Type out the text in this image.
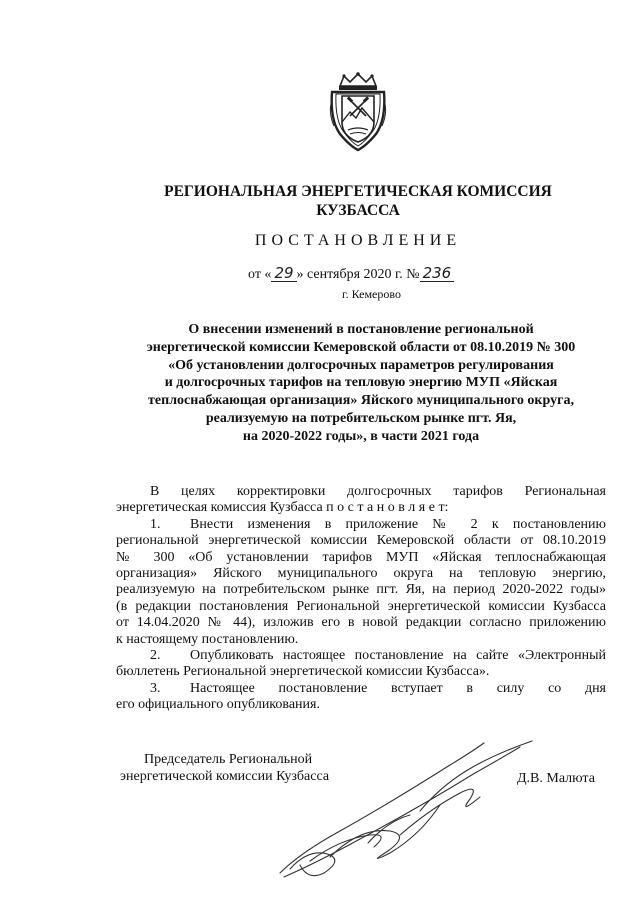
РЕГИОНАЛЬНАЯ ЭНЕРГЕТИЧЕСКАЯ КОМИССИЯ
КУЗБАССА
ПОСТАНОВЛЕНИЕ
от « 29 » сентября 2020 г. № 236
г. Кемерово
О внесении изменений в постановление региональной
энергетической комиссии Кемеровской области от 08.10.2019 № 300
«Об установлении долгосрочных параметров регулирования
и долгосрочных тарифов на тепловую энергию МУП «Яйская
теплоснабжающая организация» Яйского муниципального округа,
реализуемую на потребительском рынке пгт. Яя,
на 2020-2022 годы», в части 2021 года

В целях корректировки долгосрочных тарифов Региональная

энергетическая комиссия Кузбасса п о с т а н о в л я е т:

1. Внести изменения в приложение № 2 к постановлению

региональной энергетической комиссии Кемеровской области от 08.10.2019

№ 300 «Об установлении тарифов МУП «Яйская теплоснабжающая

организация» Яйского муниципального округа на тепловую энергию,

реализуемую на потребительском рынке пгт. Яя, на период 2020-2022 годы»

(в редакции постановления Региональной энергетической комиссии Кузбасса

от 14.04.2020 № 44), изложив его в новой редакции согласно приложению

к настоящему постановлению.

2. Опубликовать настоящее постановление на сайте «Электронный

бюллетень Региональной энергетической комиссии Кузбасса».

3. Настоящее постановление вступает в силу со дня

его официального опубликования.

Председатель Региональной
энергетической комиссии Кузбасса	Д.В. Малюта
